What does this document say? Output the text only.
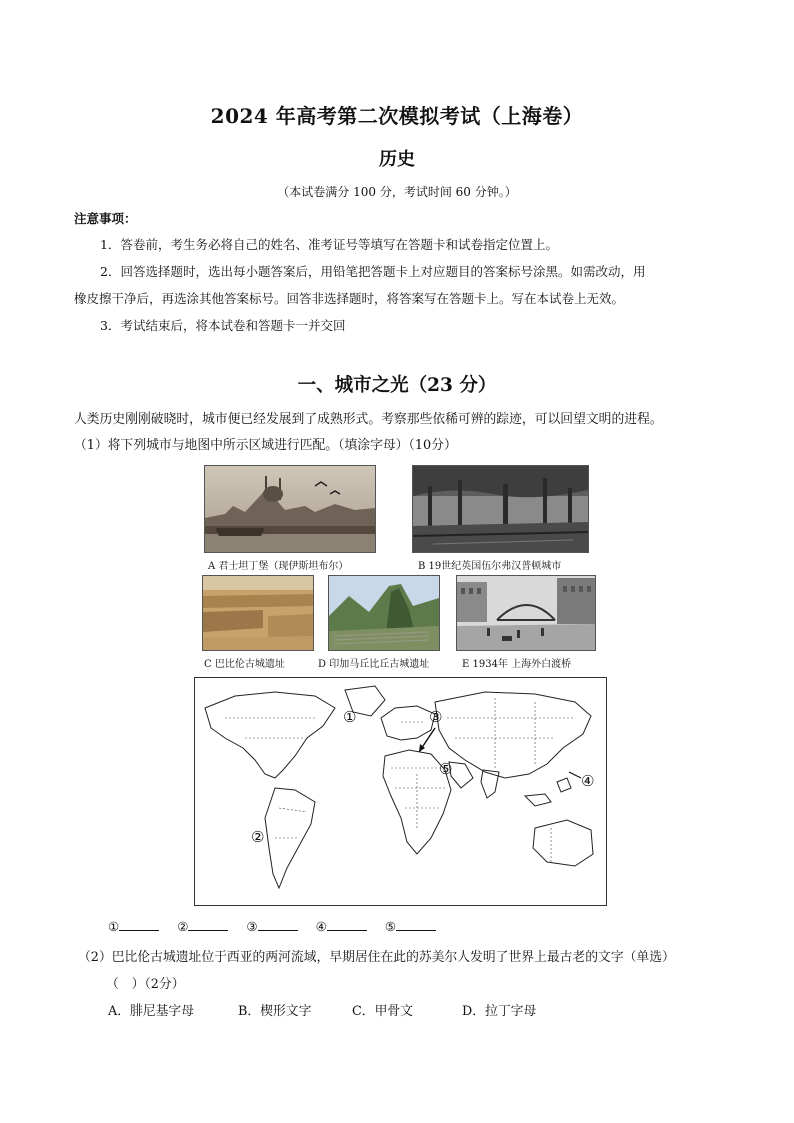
2024 年高考第二次模拟考试（上海卷）
历史
（本试卷满分 100 分，考试时间 60 分钟。）
注意事项：
1．答卷前，考生务必将自己的姓名、准考证号等填写在答题卡和试卷指定位置上。
2．回答选择题时，选出每小题答案后，用铅笔把答题卡上对应题目的答案标号涂黑。如需改动，用
橡皮擦干净后，再选涂其他答案标号。回答非选择题时，将答案写在答题卡上。写在本试卷上无效。
3．考试结束后，将本试卷和答题卡一并交回
一、城市之光（23 分）
人类历史刚刚破晓时，城市便已经发展到了成熟形式。考察那些依稀可辨的踪迹，可以回望文明的进程。
（1）将下列城市与地图中所示区域进行匹配。（填涂字母）（10分）
A 君士坦丁堡（现伊斯坦布尔）	B 19世纪英国伍尔弗汉普顿城市
C 巴比伦古城遗址	D 印加马丘比丘古城遗址	E 1934年 上海外白渡桥
①
②
③
④
⑤
①	②	③	④	⑤
（2）巴比伦古城遗址位于西亚的两河流域，早期居住在此的苏美尔人发明了世界上最古老的文字（单选）
（　）（2分）
A．腓尼基字母	B．楔形文字	C．甲骨文	D．拉丁字母
